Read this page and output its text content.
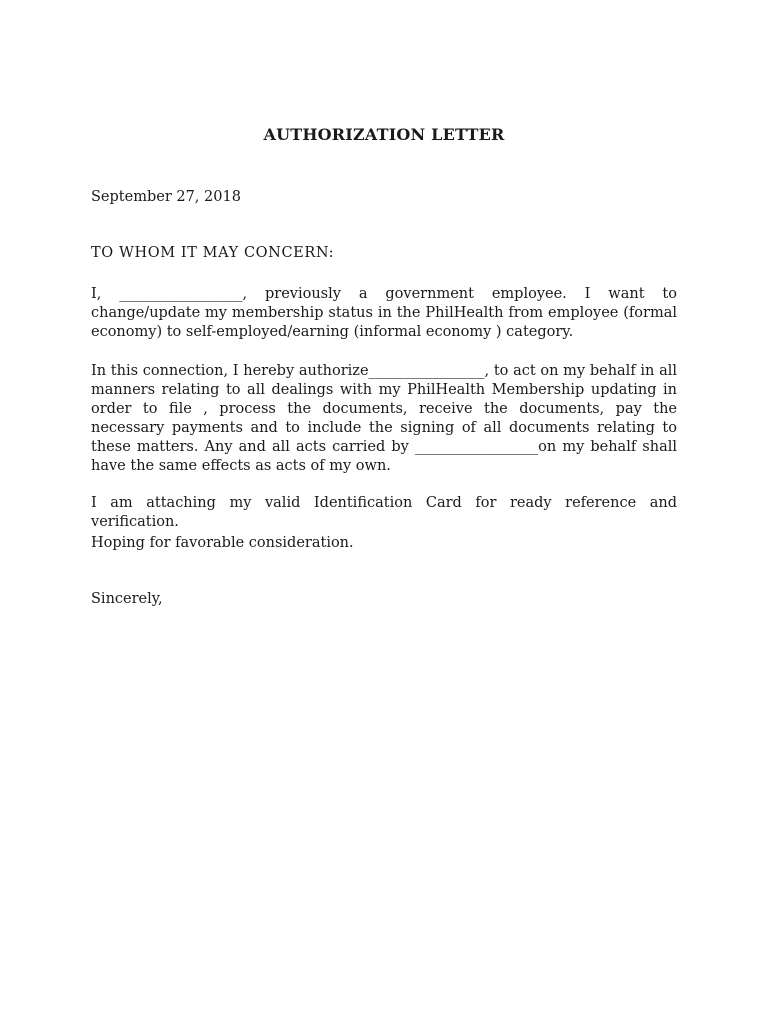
AUTHORIZATION LETTER
September 27, 2018
TO WHOM IT MAY CONCERN:

I, _________________, previously a government employee. I want to change/update my membership status in the PhilHealth from employee (formal economy) to self-employed/earning (informal economy ) category.

In this connection, I hereby authorize________________, to act on my behalf in all manners relating to all dealings with my PhilHealth Membership updating in order to file , process the documents, receive the documents, pay the necessary payments and to include the signing of all documents relating to these matters. Any and all acts carried by _________________on my behalf shall have the same effects as acts of my own.

I am attaching my valid Identification Card for ready reference and verification.

Hoping for favorable consideration.

Sincerely,
